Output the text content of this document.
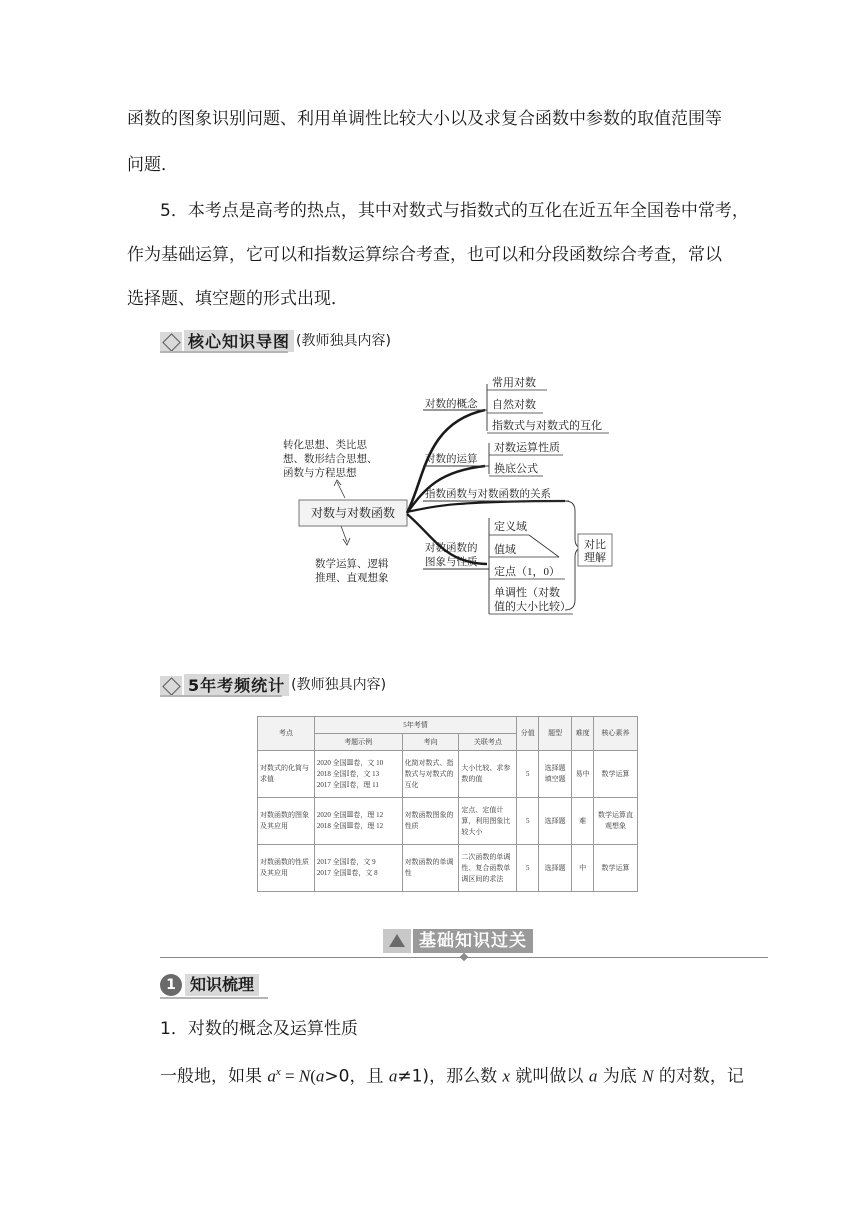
函数的图象识别问题、利用单调性比较大小以及求复合函数中参数的取值范围等
问题．
5．本考点是高考的热点，其中对数式与指数式的互化在近五年全国卷中常考，
作为基础运算，它可以和指数运算综合考查，也可以和分段函数综合考查，常以
选择题、填空题的形式出现．
核心知识导图 (教师独具内容)
转化思想、类比思
想、数形结合思想、
函数与方程思想
数学运算、逻辑
推理、直观想象
对数与对数函数
对数的概念
常用对数
自然对数
指数式与对数式的互化
对数的运算
对数运算性质
换底公式
指数函数与对数函数的关系
对数函数的
图象与性质
定义域
值域
定点（1，0）
单调性（对数
值的大小比较）
对比
理解
5年考频统计 (教师独具内容)
考点	5年考情			分值	题型	难度	核心素养
	考题示例	考向	关联考点				
对数式的化简与求值	2020 全国Ⅲ卷，文 10
2018 全国Ⅰ卷，文 13
2017 全国Ⅰ卷，理 11	化简对数式、指数式与对数式的互化	大小比较、求参数的值	5	选择题填空题	易中	数学运算
对数函数的图象及其应用	2020 全国Ⅲ卷，理 12
2018 全国Ⅲ卷，理 12	对数函数图象的性质	定点、定值计算，利用图象比较大小	5	选择题	难	数学运算直观想象
对数函数的性质及其应用	2017 全国Ⅰ卷，文 9
2017 全国Ⅱ卷，文 8	对数函数的单调性	二次函数的单调性、复合函数单调区间的求法	5	选择题	中	数学运算
基础知识过关
1 知识梳理
1．对数的概念及运算性质
一般地，如果 $a^x = N(a>0$，且 a≠1)，那么数 x 就叫做以 a 为底 N 的对数，记
